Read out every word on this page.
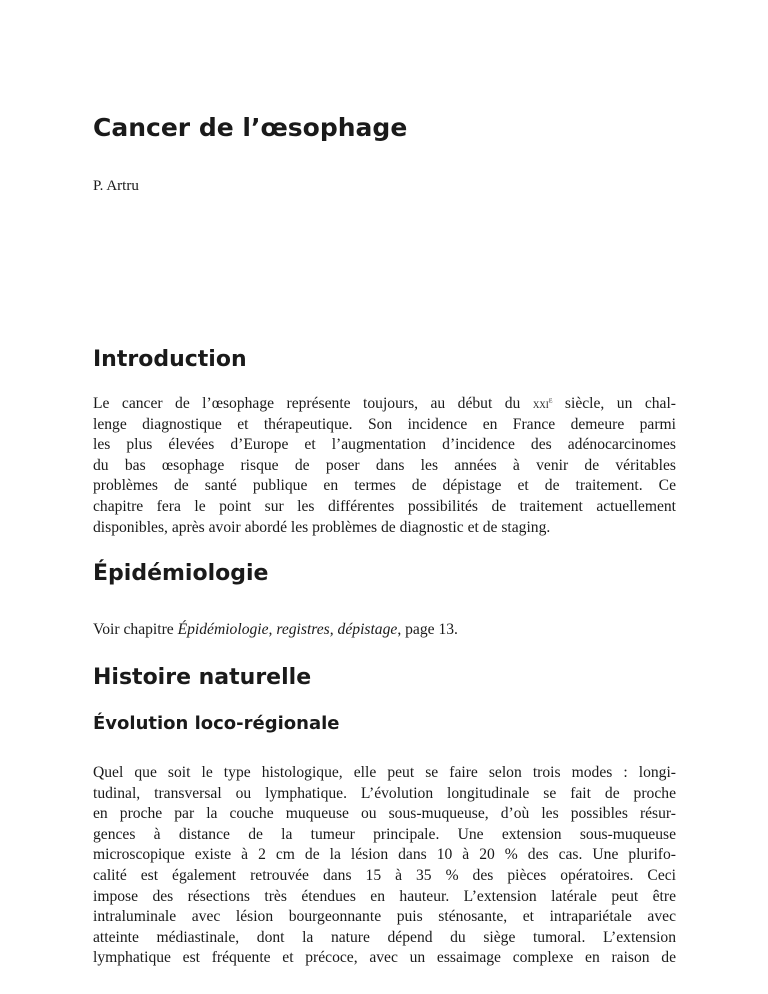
Cancer de l’œsophage

P. Artru

Introduction
Le cancer de l’œsophage représente toujours, au début du xxi$^e$ siècle, un chal-
lenge diagnostique et thérapeutique. Son incidence en France demeure parmi
les plus élevées d’Europe et l’augmentation d’incidence des adénocarcinomes
du bas œsophage risque de poser dans les années à venir de véritables
problèmes de santé publique en termes de dépistage et de traitement. Ce
chapitre fera le point sur les différentes possibilités de traitement actuellement
disponibles, après avoir abordé les problèmes de diagnostic et de staging.
Épidémiologie

Voir chapitre Épidémiologie, registres, dépistage, page 13.

Histoire naturelle
Évolution loco-régionale
Quel que soit le type histologique, elle peut se faire selon trois modes : longi-
tudinal, transversal ou lymphatique. L’évolution longitudinale se fait de proche
en proche par la couche muqueuse ou sous-muqueuse, d’où les possibles résur-
gences à distance de la tumeur principale. Une extension sous-muqueuse
microscopique existe à 2 cm de la lésion dans 10 à 20 % des cas. Une plurifo-
calité est également retrouvée dans 15 à 35 % des pièces opératoires. Ceci
impose des résections très étendues en hauteur. L’extension latérale peut être
intraluminale avec lésion bourgeonnante puis sténosante, et intrapariétale avec
atteinte médiastinale, dont la nature dépend du siège tumoral. L’extension
lymphatique est fréquente et précoce, avec un essaimage complexe en raison de
